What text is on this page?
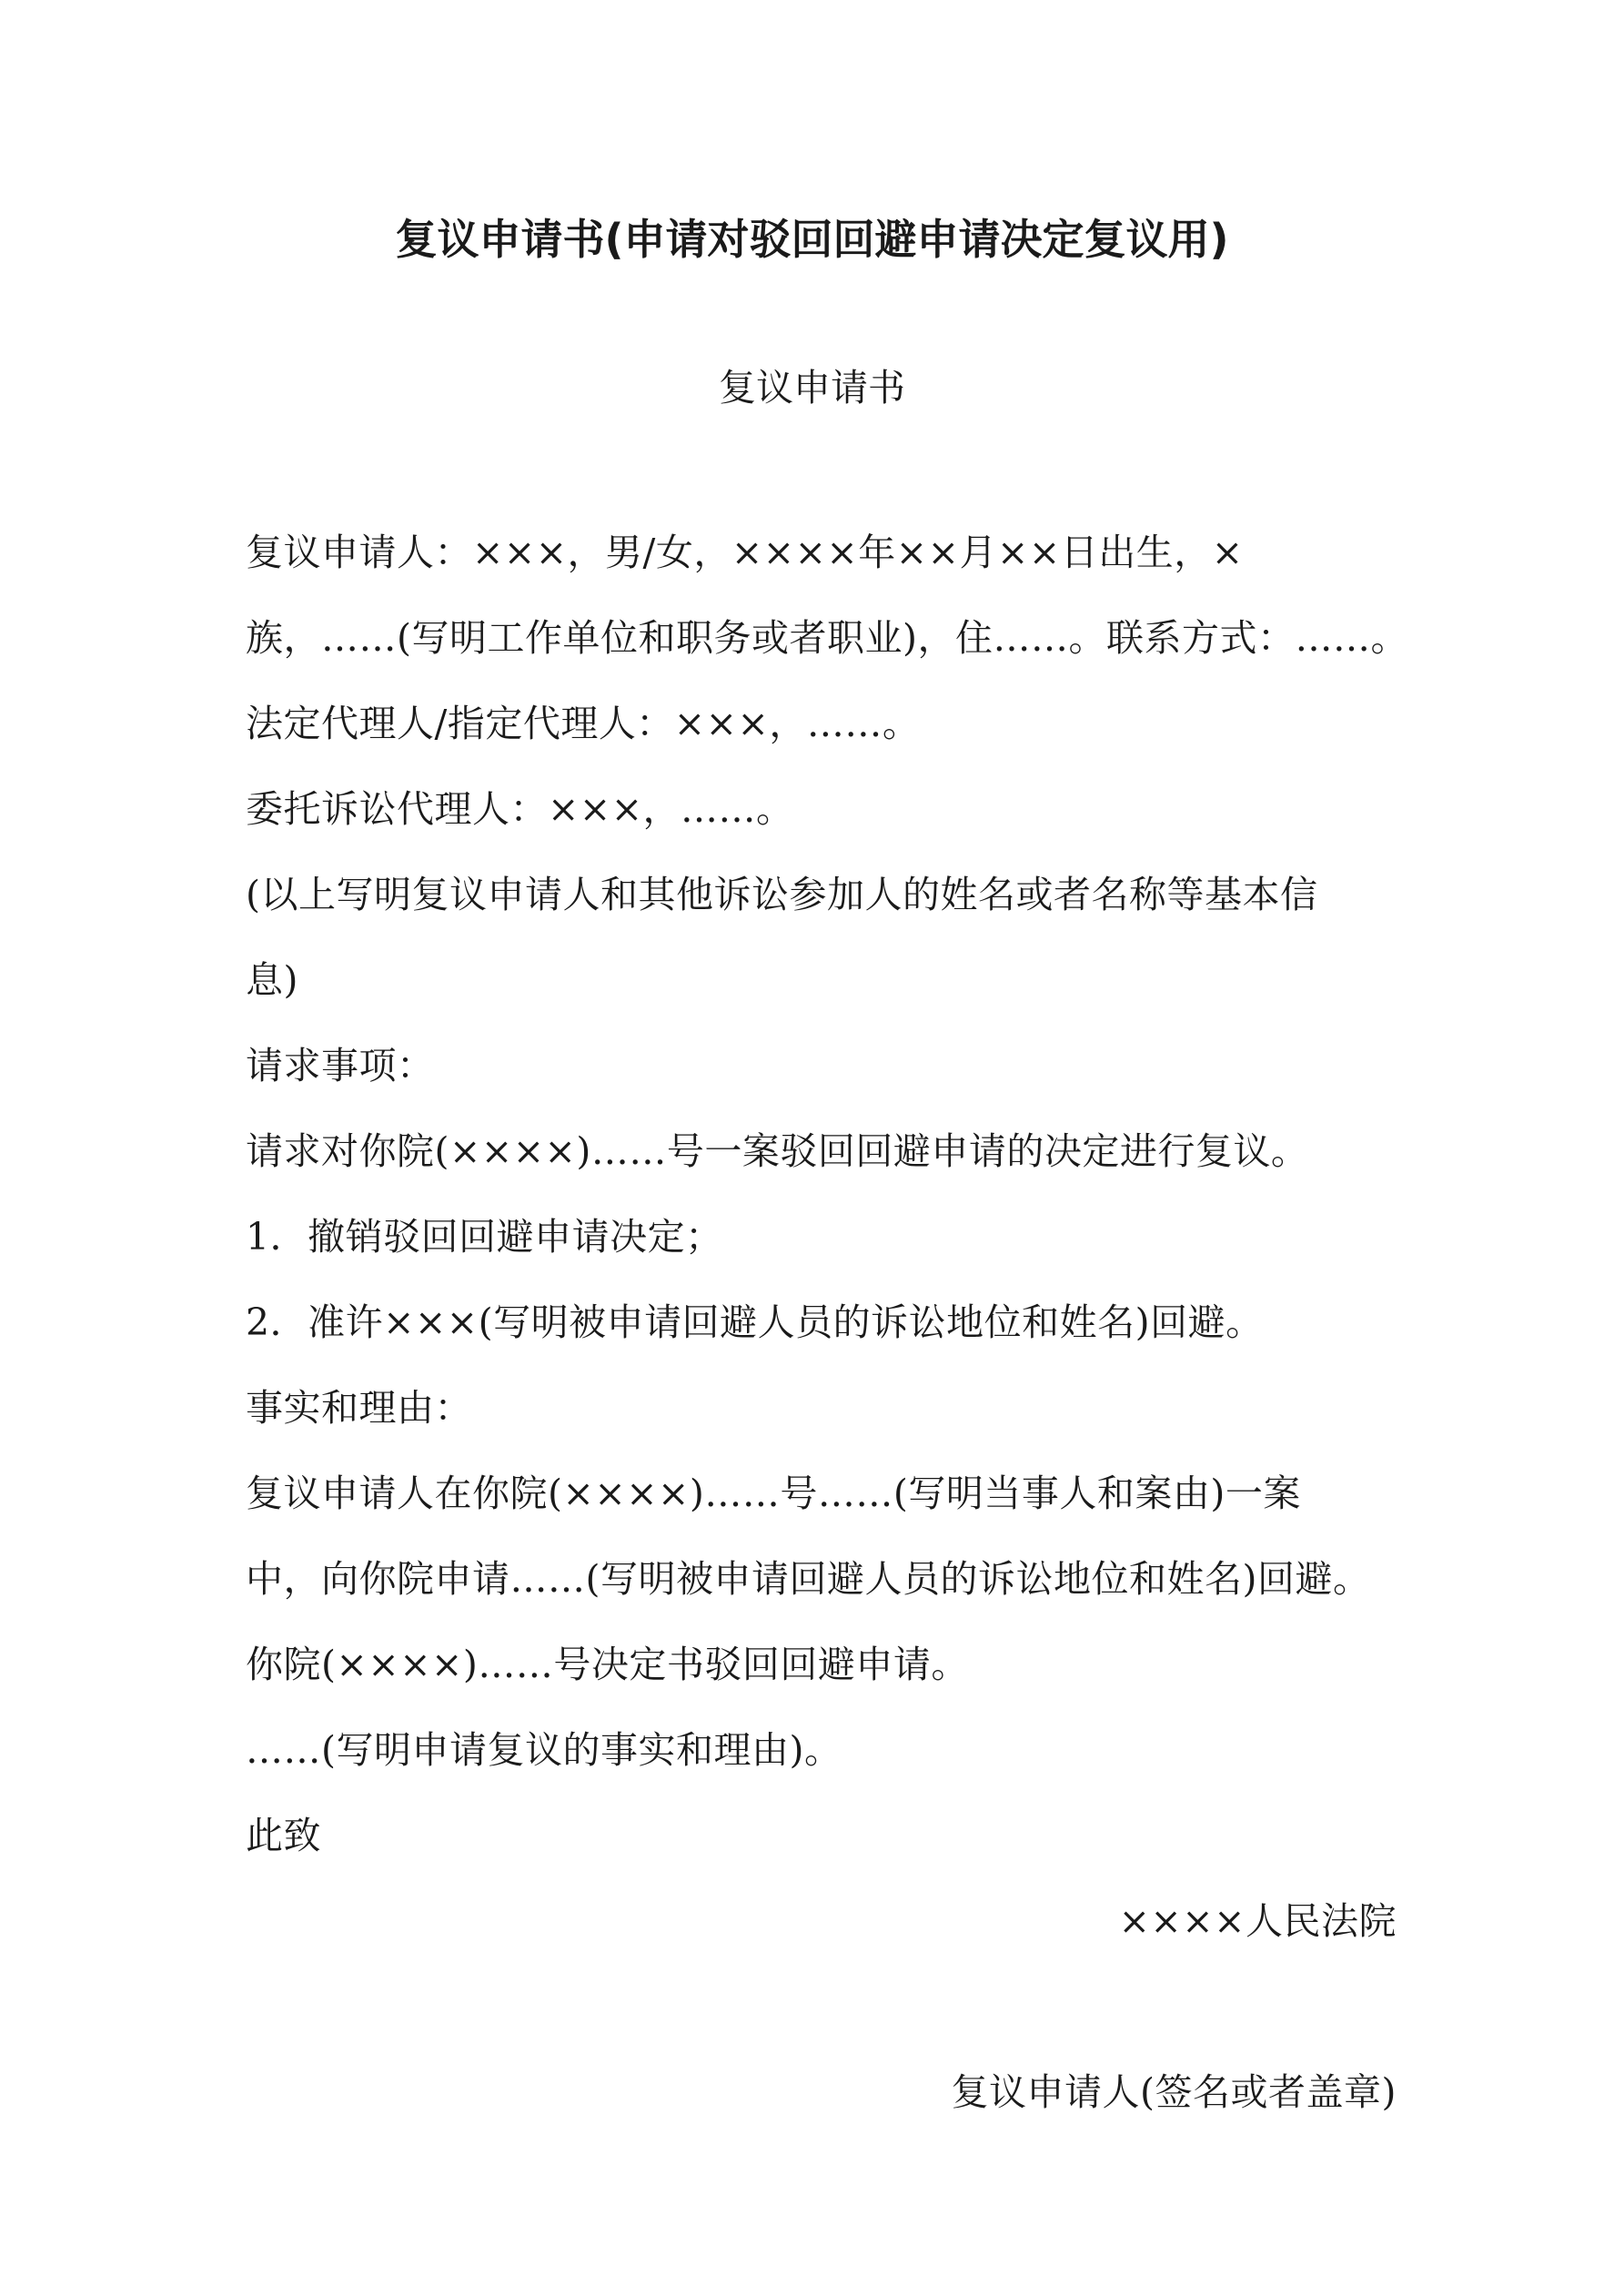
复议申请书(申请对驳回回避申请决定复议用)
复议申请书
复议申请人：×××，男/女，××××年××月××日出生，×
族，……(写明工作单位和职务或者职业)，住……。联系方式：……。
法定代理人/指定代理人：×××，……。
委托诉讼代理人：×××，……。
(以上写明复议申请人和其他诉讼参加人的姓名或者名称等基本信
息)
请求事项：
请求对你院(××××)……号一案驳回回避申请的决定进行复议。
1．撤销驳回回避申请决定；
2．准许×××(写明被申请回避人员的诉讼地位和姓名)回避。
事实和理由：
复议申请人在你院(××××)……号……(写明当事人和案由)一案
中，向你院申请……(写明被申请回避人员的诉讼地位和姓名)回避。
你院(××××)……号决定书驳回回避申请。
……(写明申请复议的事实和理由)。
此致
××××人民法院
复议申请人(签名或者盖章)
